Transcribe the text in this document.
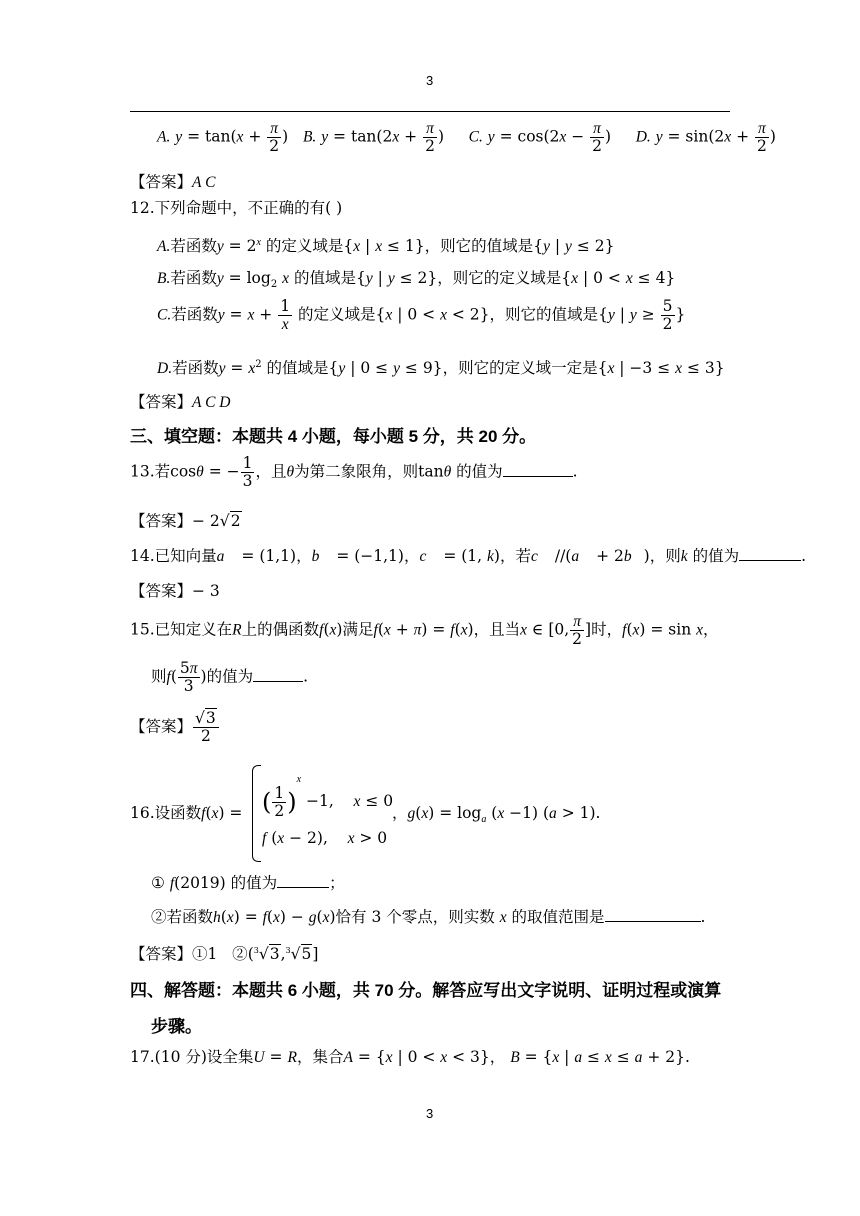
3
A. $y = \tan(x + \frac{\pi}{2}$ )   B. $y = \tan(2x + \frac{\pi}{2}$ )     C. $y = \cos(2x - \frac{\pi}{2}$ )     D. $y = \sin(2x + \frac{\pi}{2}$ )
【答案】A C
12.下列命题中，不正确的有( )
A.若函数$y = 2^x$ 的定义域是{x | x ≤ 1}，则它的值域是{y | y ≤ 2}
B.若函数$y = \log_2 x$ 的值域是{y | y ≤ 2}，则它的定义域是{x | 0 < x ≤ 4}
C.若函数$y = x + \frac{1}{x}$ 的定义域是{x | 0 < x < 2}，则它的值域是{y | $y \ge \frac{5}{2}$ }
D.若函数$y = x^2$ 的值域是{y | 0 ≤ y ≤ 9}，则它的定义域一定是{x | −3 ≤ x ≤ 3}
【答案】A C D
三、填空题：本题共 4 小题，每小题 5 分，共 20 分。
13.若cosθ = − $\frac{1}{3}$ ，且θ为第二象限角，则tanθ 的值为	.
【答案】− 2√2
14.已知向量a⃗ = (1,1)，b⃗ = (−1,1)，c⃗ = (1, k)，若c⃗ //(a⃗ + 2b⃗)，则k 的值为	.
【答案】− 3
15.已知定义在R上的偶函数f(x)满足f(x + π) = f(x)，且当x ∈ [0, $\frac{\pi}{2}$ ]时，f(x) = sin x，
则$f( \frac{5\pi}{3}$ )的值为	.
【答案】 $\frac{√3}{2}$
16.设函数f(x) = ( $\frac{1}{2} )^x -1$,    x ≤ 0
f (x − 2),    x > 0
，$g(x) = \log_a (x -1) (a > 1)$.
① f(2019) 的值为	；
②若函数h(x) = f(x) − g(x)恰有 3 个零点，则实数 x 的取值范围是	.
【答案】①1 ②($^3$√3,$^3$√5]
四、解答题：本题共 6 小题，共 70 分。解答应写出文字说明、证明过程或演算
步骤。
17.(10 分)设全集U = R，集合A = {x | 0 < x < 3}， B = {x | a ≤ x ≤ a + 2}.
3
